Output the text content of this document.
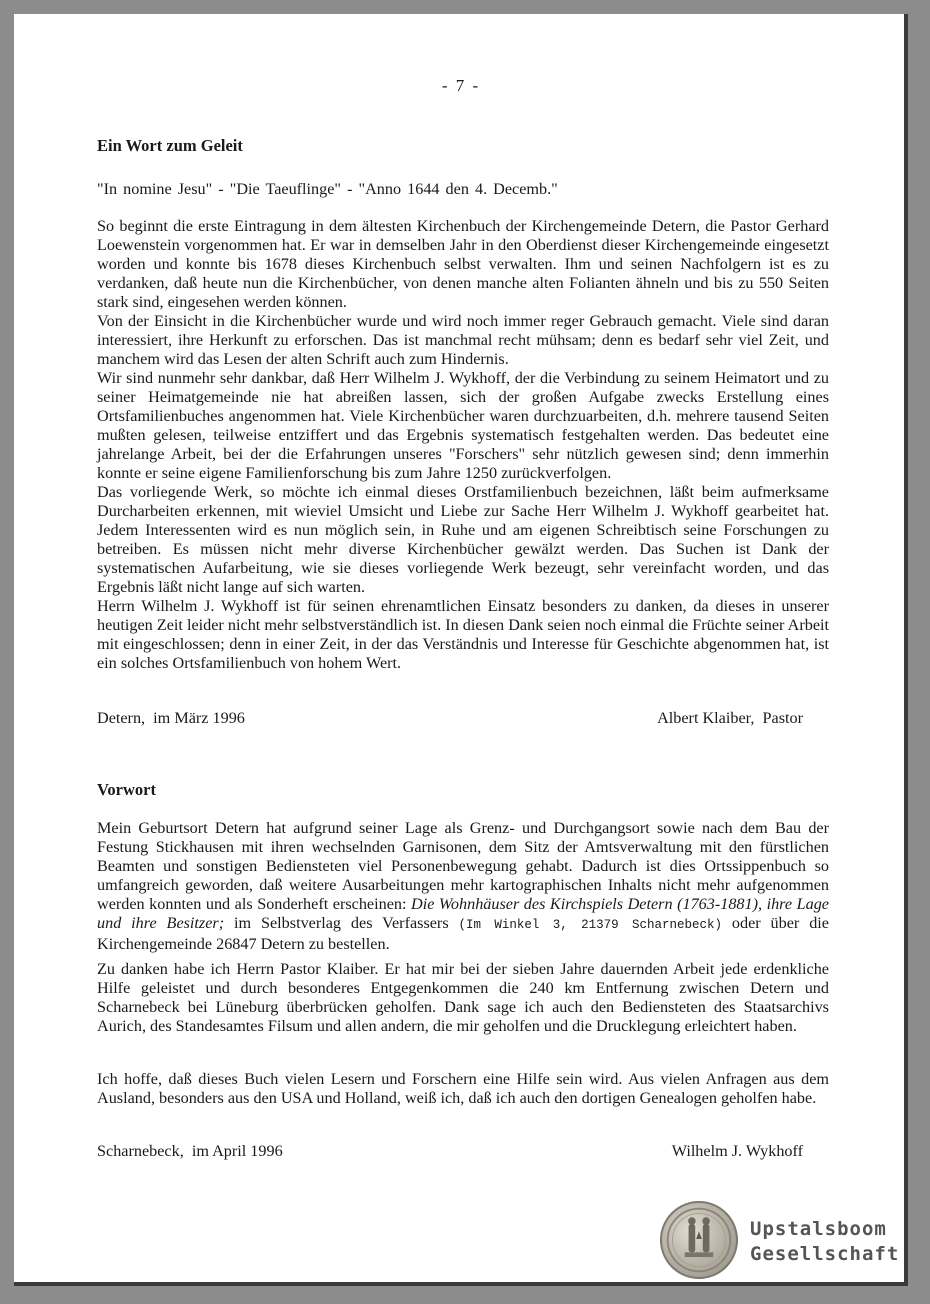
- 7 -
Ein Wort zum Geleit

"In nomine Jesu" - "Die Taeuflinge" - "Anno 1644 den 4. Decemb."

So beginnt die erste Eintragung in dem ältesten Kirchenbuch der Kirchengemeinde Detern, die Pastor Gerhard Loewenstein vorgenommen hat. Er war in demselben Jahr in den Oberdienst dieser Kirchengemeinde eingesetzt worden und konnte bis 1678 dieses Kirchenbuch selbst verwalten. Ihm und seinen Nachfolgern ist es zu verdanken, daß heute nun die Kirchenbücher, von denen manche alten Folianten ähneln und bis zu 550 Seiten stark sind, eingesehen werden können.
Von der Einsicht in die Kirchenbücher wurde und wird noch immer reger Gebrauch gemacht. Viele sind daran interessiert, ihre Herkunft zu erforschen. Das ist manchmal recht mühsam; denn es bedarf sehr viel Zeit, und manchem wird das Lesen der alten Schrift auch zum Hindernis.
Wir sind nunmehr sehr dankbar, daß Herr Wilhelm J. Wykhoff, der die Verbindung zu seinem Heimatort und zu seiner Heimatgemeinde nie hat abreißen lassen, sich der großen Aufgabe zwecks Erstellung eines Ortsfamilienbuches angenommen hat. Viele Kirchenbücher waren durchzuarbeiten, d.h. mehrere tausend Seiten mußten gelesen, teilweise entziffert und das Ergebnis systematisch festgehalten werden. Das bedeutet eine jahrelange Arbeit, bei der die Erfahrungen unseres "Forschers" sehr nützlich gewesen sind; denn immerhin konnte er seine eigene Familienforschung bis zum Jahre 1250 zurückverfolgen.
Das vorliegende Werk, so möchte ich einmal dieses Orstfamilienbuch bezeichnen, läßt beim aufmerksame Durcharbeiten erkennen, mit wieviel Umsicht und Liebe zur Sache Herr Wilhelm J. Wykhoff gearbeitet hat. Jedem Interessenten wird es nun möglich sein, in Ruhe und am eigenen Schreibtisch seine Forschungen zu betreiben. Es müssen nicht mehr diverse Kirchenbücher gewälzt werden. Das Suchen ist Dank der systematischen Aufarbeitung, wie sie dieses vorliegende Werk bezeugt, sehr vereinfacht worden, und das Ergebnis läßt nicht lange auf sich warten.
Herrn Wilhelm J. Wykhoff ist für seinen ehrenamtlichen Einsatz besonders zu danken, da dieses in unserer heutigen Zeit leider nicht mehr selbstverständlich ist. In diesen Dank seien noch einmal die Früchte seiner Arbeit mit eingeschlossen; denn in einer Zeit, in der das Verständnis und Interesse für Geschichte abgenommen hat, ist ein solches Ortsfamilienbuch von hohem Wert.

Detern,  im März 1996	Albert Klaiber,  Pastor
Vorwort

Mein Geburtsort Detern hat aufgrund seiner Lage als Grenz- und Durchgangsort sowie nach dem Bau der Festung Stickhausen mit ihren wechselnden Garnisonen, dem Sitz der Amtsverwaltung mit den fürstlichen Beamten und sonstigen Bediensteten viel Personenbewegung gehabt. Dadurch ist dies Ortssippenbuch so umfangreich geworden, daß weitere Ausarbeitungen mehr kartographischen Inhalts nicht mehr aufgenommen werden konnten und als Sonderheft erscheinen: Die Wohnhäuser des Kirchspiels Detern (1763-1881), ihre Lage und ihre Besitzer; im Selbstverlag des Verfassers (Im Winkel 3, 21379 Scharnebeck) oder über die Kirchengemeinde 26847 Detern zu bestellen.

Zu danken habe ich Herrn Pastor Klaiber. Er hat mir bei der sieben Jahre dauernden Arbeit jede erdenkliche Hilfe geleistet und durch besonderes Entgegenkommen die 240 km Entfernung zwischen Detern und Scharnebeck bei Lüneburg überbrücken geholfen. Dank sage ich auch den Bediensteten des Staatsarchivs Aurich, des Standesamtes Filsum und allen andern, die mir geholfen und die Drucklegung erleichtert haben.

Ich hoffe, daß dieses Buch vielen Lesern und Forschern eine Hilfe sein wird. Aus vielen Anfragen aus dem Ausland, besonders aus den USA und Holland, weiß ich, daß ich auch den dortigen Genealogen geholfen habe.

Scharnebeck,  im April 1996	Wilhelm J. Wykhoff
Upstalsboom
Gesellschaft
